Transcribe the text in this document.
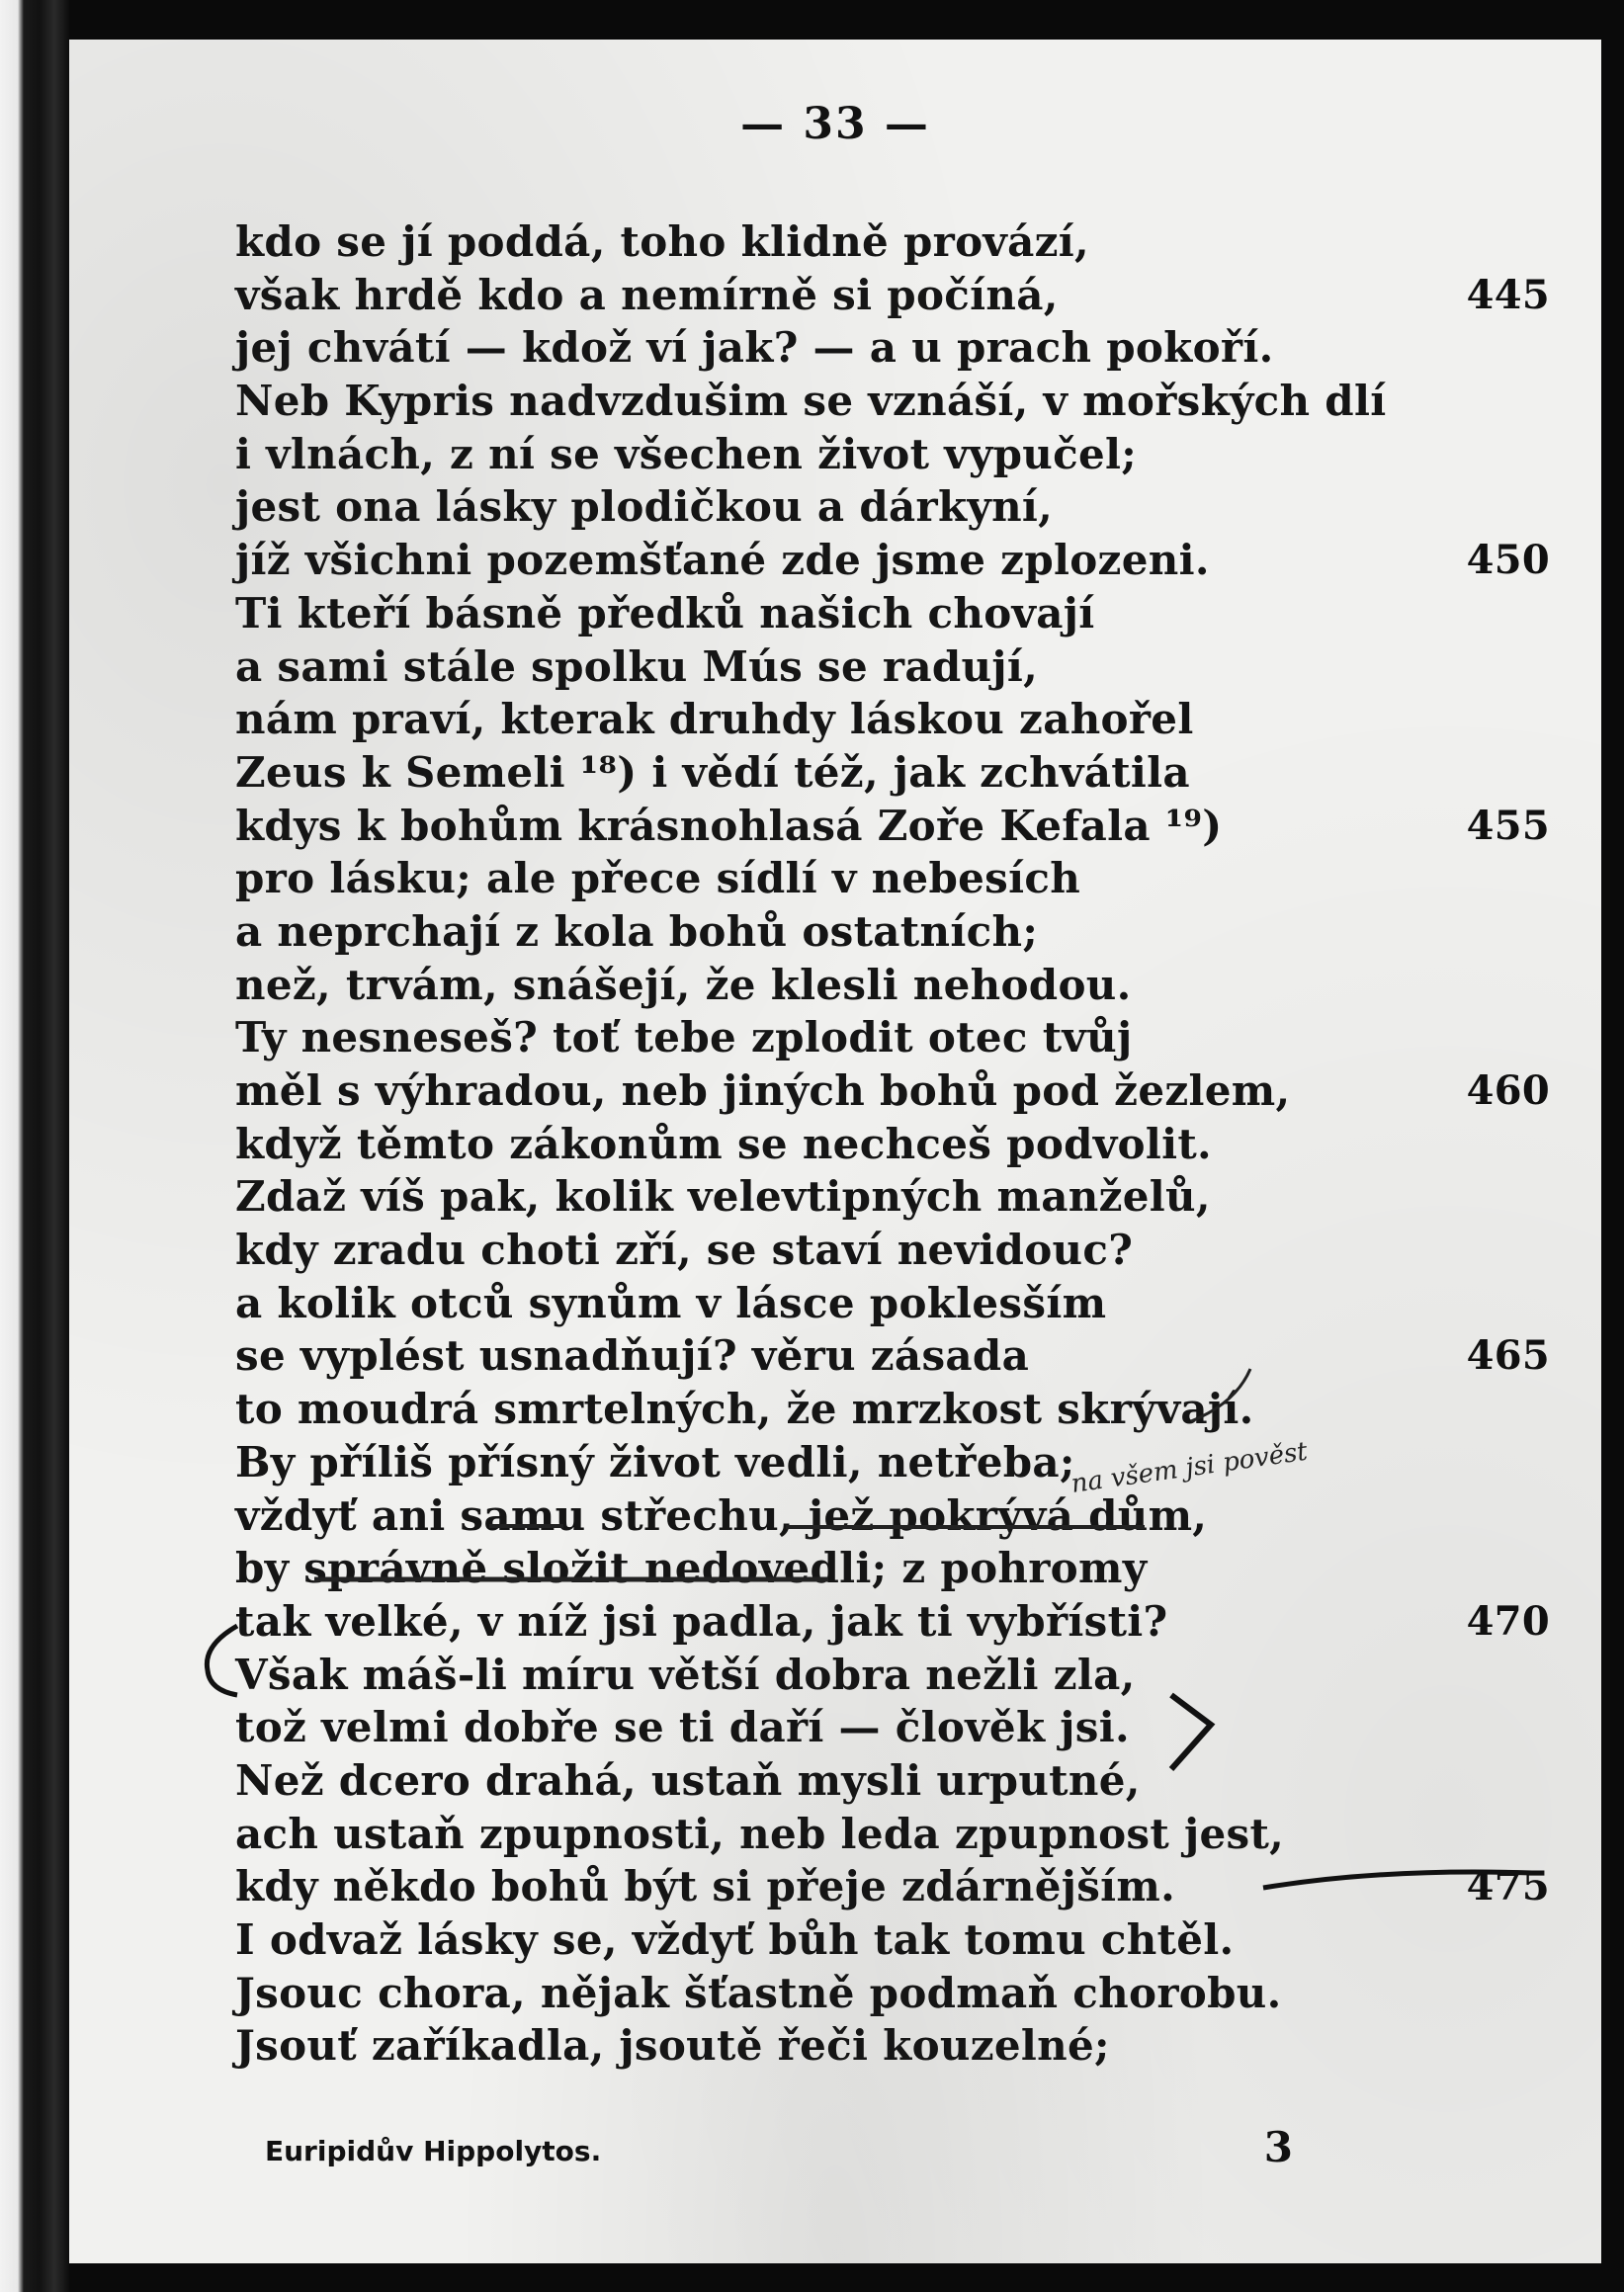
— 33 —
kdo se jí poddá, toho klidně provází,
však hrdě kdo a nemírně si počíná,	445
jej chvátí — kdož ví jak? — a u prach pokoří.
Neb Kypris nadvzdušim se vznáší, v mořských dlí
i vlnách, z ní se všechen život vypučel;
jest ona lásky plodičkou a dárkyní,
jíž všichni pozemšťané zde jsme zplozeni.	450
Ti kteří básně předků našich chovají
a sami stále spolku Mús se radují,
nám praví, kterak druhdy láskou zahořel
Zeus k Semeli ¹⁸) i vědí též, jak zchvátila
kdys k bohům krásnohlasá Zoře Kefala ¹⁹)	455
pro lásku; ale přece sídlí v nebesích
a neprchají z kola bohů ostatních;
než, trvám, snášejí, že klesli nehodou.
Ty nesneseš? toť tebe zplodit otec tvůj
měl s výhradou, neb jiných bohů pod žezlem,	460
když těmto zákonům se nechceš podvolit.
Zdaž víš pak, kolik velevtipných manželů,
kdy zradu choti zří, se staví nevidouc?
a kolik otců synům v lásce poklesším
se vyplést usnadňují? věru zásada	465
to moudrá smrtelných, že mrzkost skrývají.
By příliš přísný život vedli, netřeba;
vždyť ani samu střechu, jež pokrývá dům,
by správně složit nedovedli; z pohromy
tak velké, v níž jsi padla, jak ti vybřísti?	470
Však máš-li míru větší dobra nežli zla,
tož velmi dobře se ti daří — člověk jsi.
Než dcero drahá, ustaň mysli urputné,
ach ustaň zpupnosti, neb leda zpupnost jest,
kdy někdo bohů být si přeje zdárnějším.	475
I odvaž lásky se, vždyť bůh tak tomu chtěl.
Jsouc chora, nějak šťastně podmaň chorobu.
Jsouť zaříkadla, jsoutě řeči kouzelné;
Euripidův Hippolytos.	3
na všem jsi pověst
